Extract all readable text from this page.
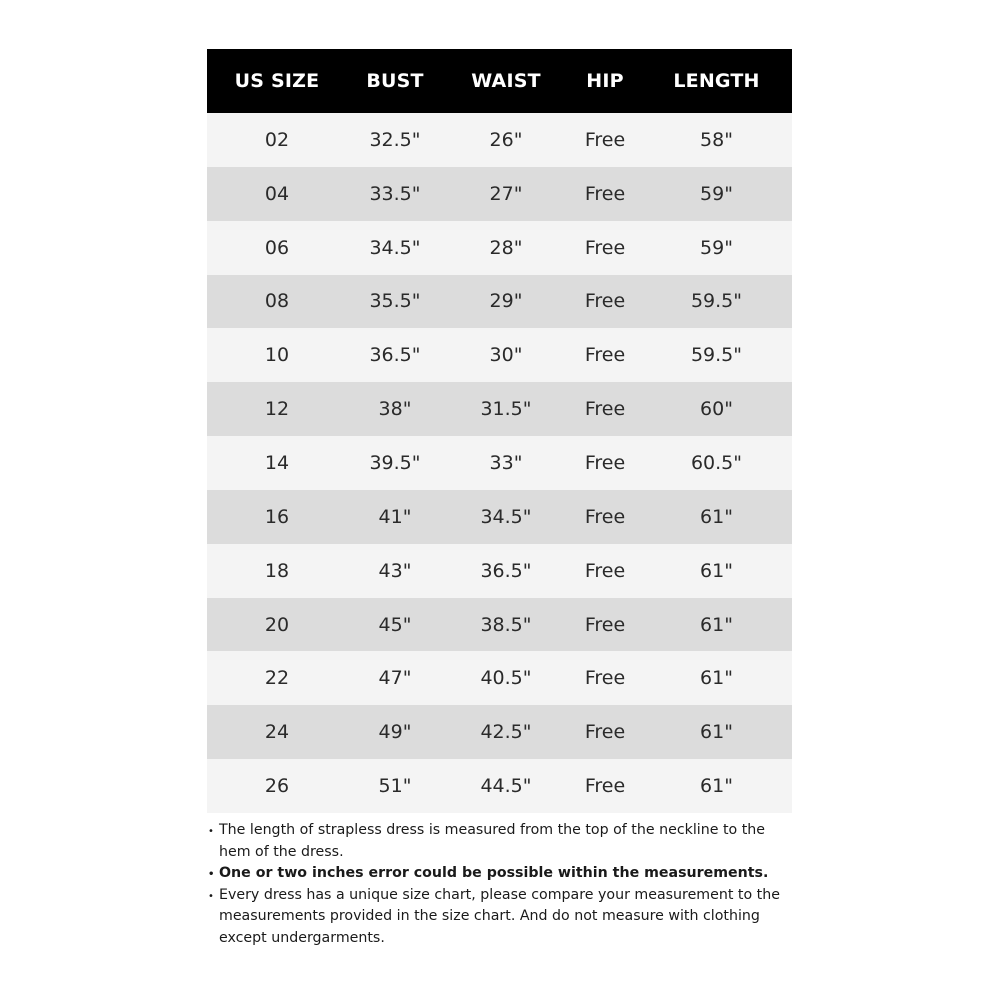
US SIZE	BUST	WAIST	HIP	LENGTH
02	32.5"	26"	Free	58"
04	33.5"	27"	Free	59"
06	34.5"	28"	Free	59"
08	35.5"	29"	Free	59.5"
10	36.5"	30"	Free	59.5"
12	38"	31.5"	Free	60"
14	39.5"	33"	Free	60.5"
16	41"	34.5"	Free	61"
18	43"	36.5"	Free	61"
20	45"	38.5"	Free	61"
22	47"	40.5"	Free	61"
24	49"	42.5"	Free	61"
26	51"	44.5"	Free	61"
• The length of strapless dress is measured from the top of the neckline to the hem of the dress.
• One or two inches error could be possible within the measurements.
• Every dress has a unique size chart, please compare your measurement to the measurements provided in the size chart. And do not measure with clothing except undergarments.
